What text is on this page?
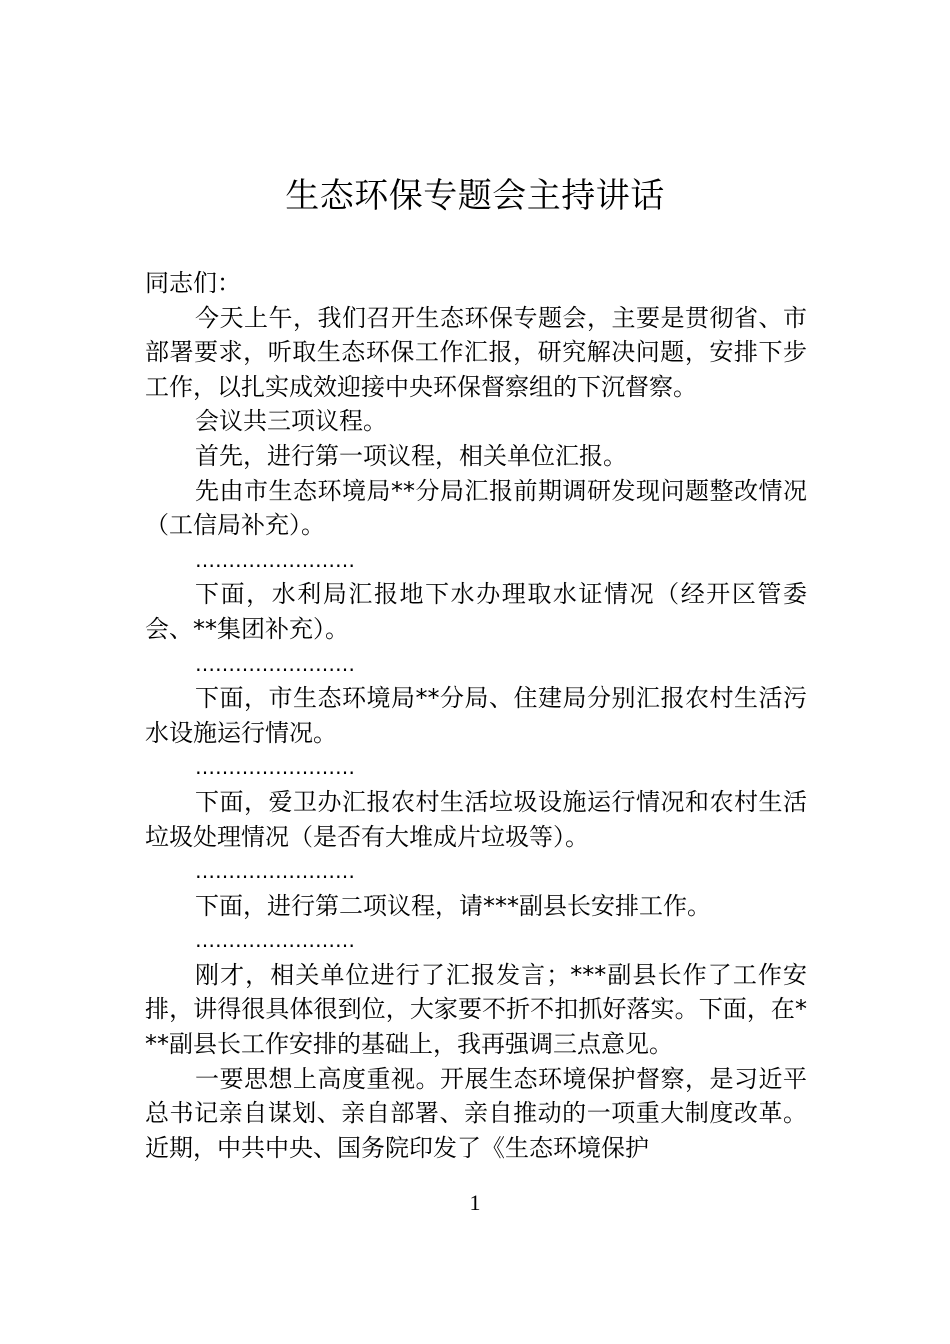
生态环保专题会主持讲话

同志们：

今天上午，我们召开生态环保专题会，主要是贯彻省、市部署要求，听取生态环保工作汇报，研究解决问题，安排下步工作，以扎实成效迎接中央环保督察组的下沉督察。

会议共三项议程。

首先，进行第一项议程，相关单位汇报。

先由市生态环境局**分局汇报前期调研发现问题整改情况（工信局补充）。

……………………

下面，水利局汇报地下水办理取水证情况（经开区管委会、**集团补充）。

……………………

下面，市生态环境局**分局、住建局分别汇报农村生活污水设施运行情况。

……………………

下面，爱卫办汇报农村生活垃圾设施运行情况和农村生活垃圾处理情况（是否有大堆成片垃圾等）。

……………………

下面，进行第二项议程，请***副县长安排工作。

……………………

刚才，相关单位进行了汇报发言；***副县长作了工作安排，讲得很具体很到位，大家要不折不扣抓好落实。下面，在***副县长工作安排的基础上，我再强调三点意见。

一要思想上高度重视。开展生态环境保护督察，是习近平总书记亲自谋划、亲自部署、亲自推动的一项重大制度改革。近期，中共中央、国务院印发了《生态环境保护

1
